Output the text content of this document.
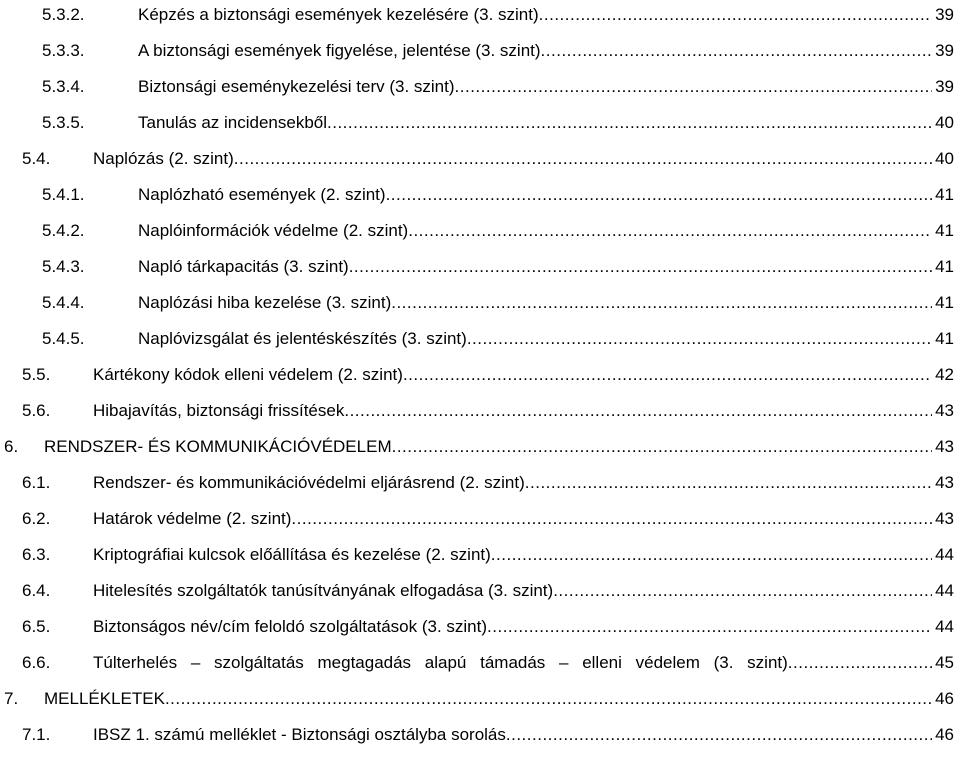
5.3.2.	Képzés a biztonsági események kezelésére (3. szint) .....	39
5.3.3.	A biztonsági események figyelése, jelentése (3. szint) .....	39
5.3.4.	Biztonsági eseménykezelési terv (3. szint) .....	39
5.3.5.	Tanulás az incidensekből .....	40
5.4.	Naplózás (2. szint) .....	40
5.4.1.	Naplózható események (2. szint) .....	41
5.4.2.	Naplóinformációk védelme (2. szint) .....	41
5.4.3.	Napló tárkapacitás (3. szint) .....	41
5.4.4.	Naplózási hiba kezelése (3. szint) .....	41
5.4.5.	Naplóvizsgálat és jelentéskészítés (3. szint) .....	41
5.5.	Kártékony kódok elleni védelem (2. szint) .....	42
5.6.	Hibajavítás, biztonsági frissítések .....	43
6.	RENDSZER- ÉS KOMMUNIKÁCIÓVÉDELEM .....	43
6.1.	Rendszer- és kommunikációvédelmi eljárásrend (2. szint) .....	43
6.2.	Határok védelme (2. szint) .....	43
6.3.	Kriptográfiai kulcsok előállítása és kezelése (2. szint) .....	44
6.4.	Hitelesítés szolgáltatók tanúsítványának elfogadása (3. szint) .....	44
6.5.	Biztonságos név/cím feloldó szolgáltatások (3. szint) .....	44
6.6.	Túlterhelés – szolgáltatás megtagadás alapú támadás – elleni védelem (3. szint) .....	45
7.	MELLÉKLETEK .....	46
7.1.	IBSZ 1. számú melléklet - Biztonsági osztályba sorolás .....	46
